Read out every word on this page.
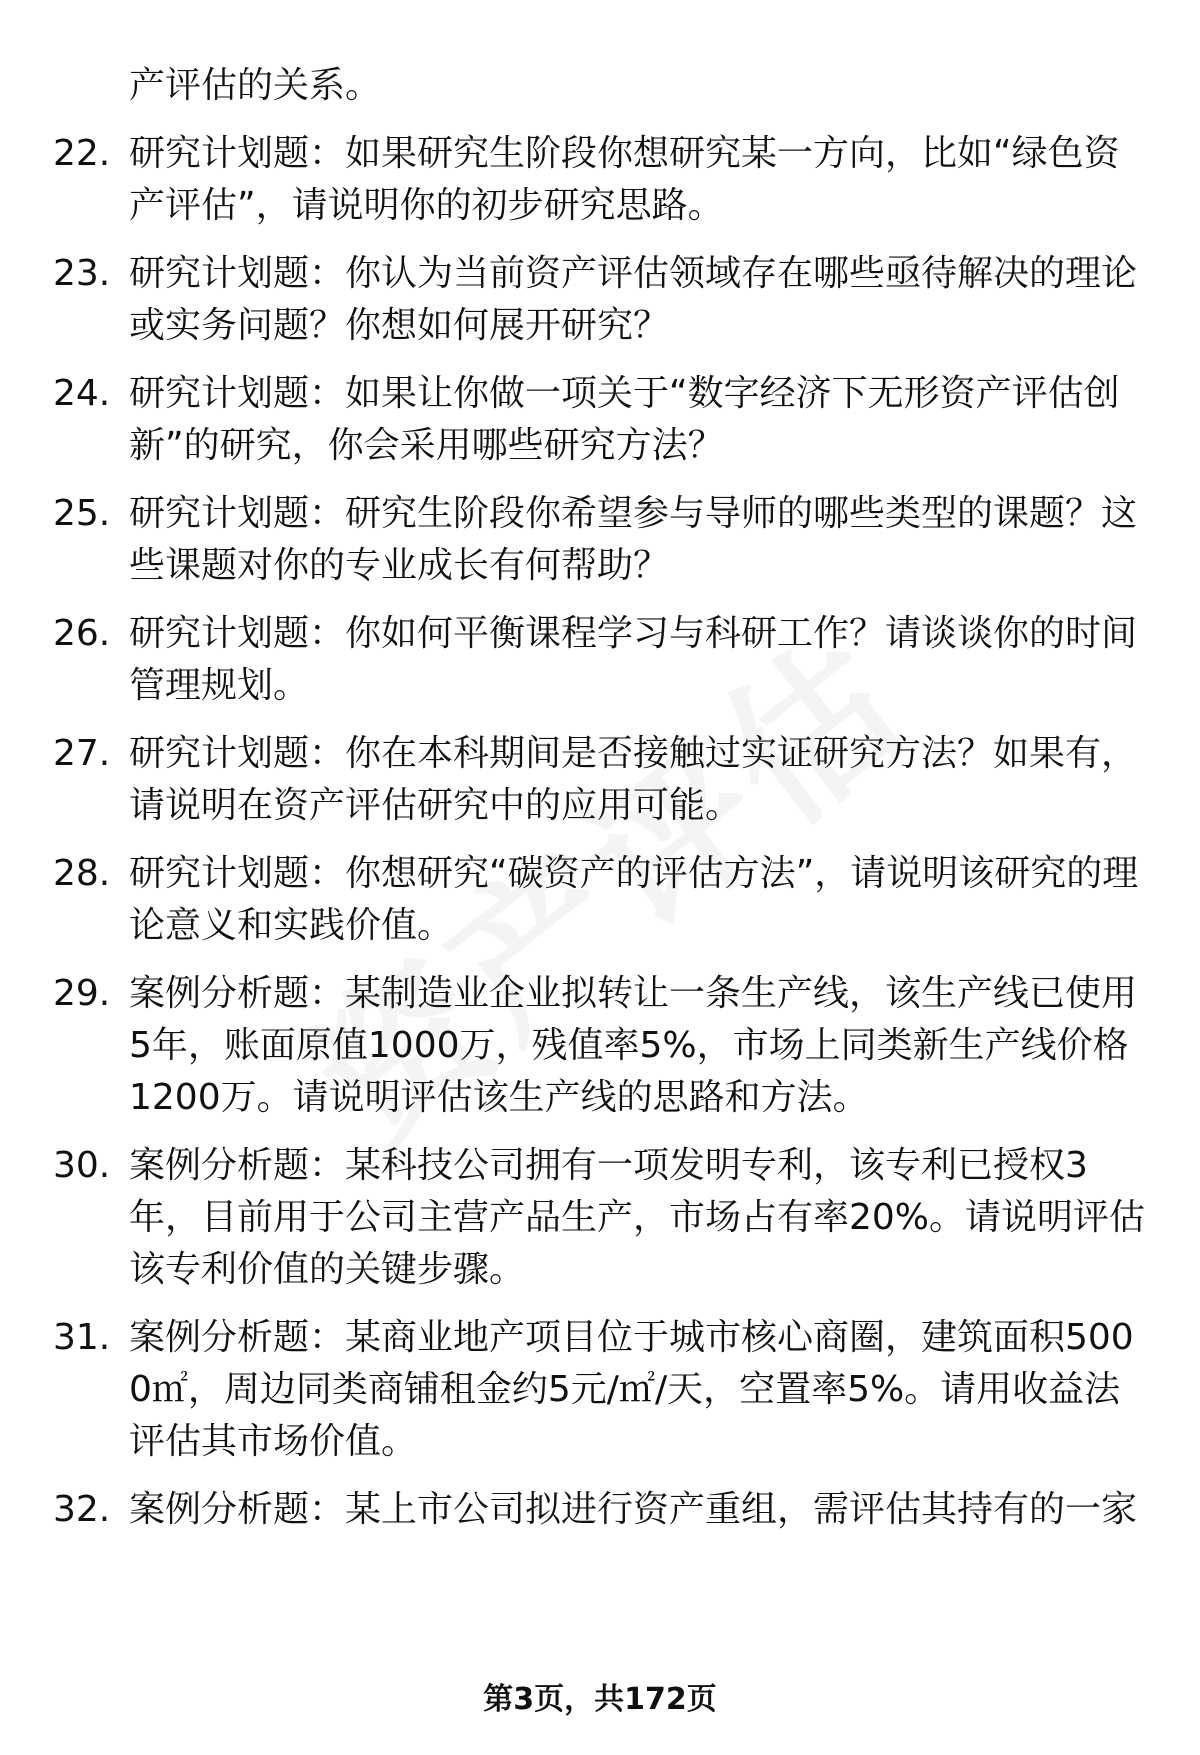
产评估的关系。
22. 研究计划题：如果研究生阶段你想研究某一方向，比如“绿色资产评估”，请说明你的初步研究思路。
23. 研究计划题：你认为当前资产评估领域存在哪些亟待解决的理论或实务问题？你想如何展开研究？
24. 研究计划题：如果让你做一项关于“数字经济下无形资产评估创新”的研究，你会采用哪些研究方法？
25. 研究计划题：研究生阶段你希望参与导师的哪些类型的课题？这些课题对你的专业成长有何帮助？
26. 研究计划题：你如何平衡课程学习与科研工作？请谈谈你的时间管理规划。
27. 研究计划题：你在本科期间是否接触过实证研究方法？如果有，请说明在资产评估研究中的应用可能。
28. 研究计划题：你想研究“碳资产的评估方法”，请说明该研究的理论意义和实践价值。
29. 案例分析题：某制造业企业拟转让一条生产线，该生产线已使用5年，账面原值1000万，残值率5%，市场上同类新生产线价格1200万。请说明评估该生产线的思路和方法。
30. 案例分析题：某科技公司拥有一项发明专利，该专利已授权3年，目前用于公司主营产品生产，市场占有率20%。请说明评估该专利价值的关键步骤。
31. 案例分析题：某商业地产项目位于城市核心商圈，建筑面积5000㎡，周边同类商铺租金约5元/㎡/天，空置率5%。请用收益法评估其市场价值。
32. 案例分析题：某上市公司拟进行资产重组，需评估其持有的一家
第3页，共172页
